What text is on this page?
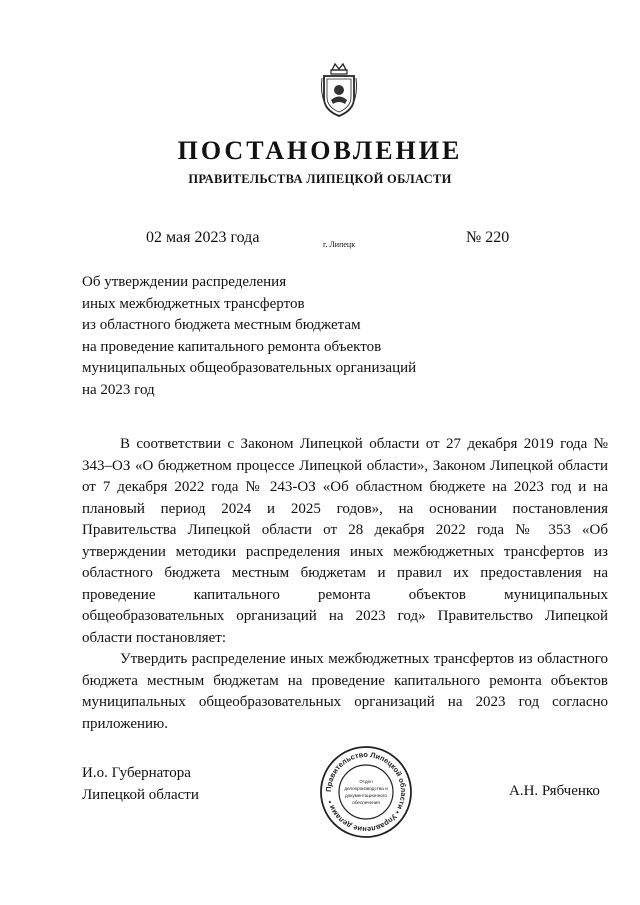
ПОСТАНОВЛЕНИЕ
ПРАВИТЕЛЬСТВА ЛИПЕЦКОЙ ОБЛАСТИ
02 мая 2023 года	г. Липецк	№ 220
Об утверждении распределения
иных межбюджетных трансфертов
из областного бюджета местным бюджетам
на проведение капитального ремонта объектов
муниципальных общеобразовательных организаций
на 2023 год

В соответствии с Законом Липецкой области от 27 декабря 2019 года № 343–ОЗ «О бюджетном процессе Липецкой области», Законом Липецкой области от 7 декабря 2022 года № 243-ОЗ «Об областном бюджете на 2023 год и на плановый период 2024 и 2025 годов», на основании постановления Правительства Липецкой области от 28 декабря 2022 года № 353 «Об утверждении методики распределения иных межбюджетных трансфертов из областного бюджета местным бюджетам и правил их предоставления на проведение капитального ремонта объектов муниципальных общеобразовательных организаций на 2023 год» Правительство Липецкой области постановляет:

Утвердить распределение иных межбюджетных трансфертов из областного бюджета местным бюджетам на проведение капитального ремонта объектов муниципальных общеобразовательных организаций на 2023 год согласно приложению.

И.о. Губернатора
Липецкой области	Правительство Липецкой области • Управление делами •
Отдел
делопроизводства и
документационного
обеспечения
А.Н. Рябченко
